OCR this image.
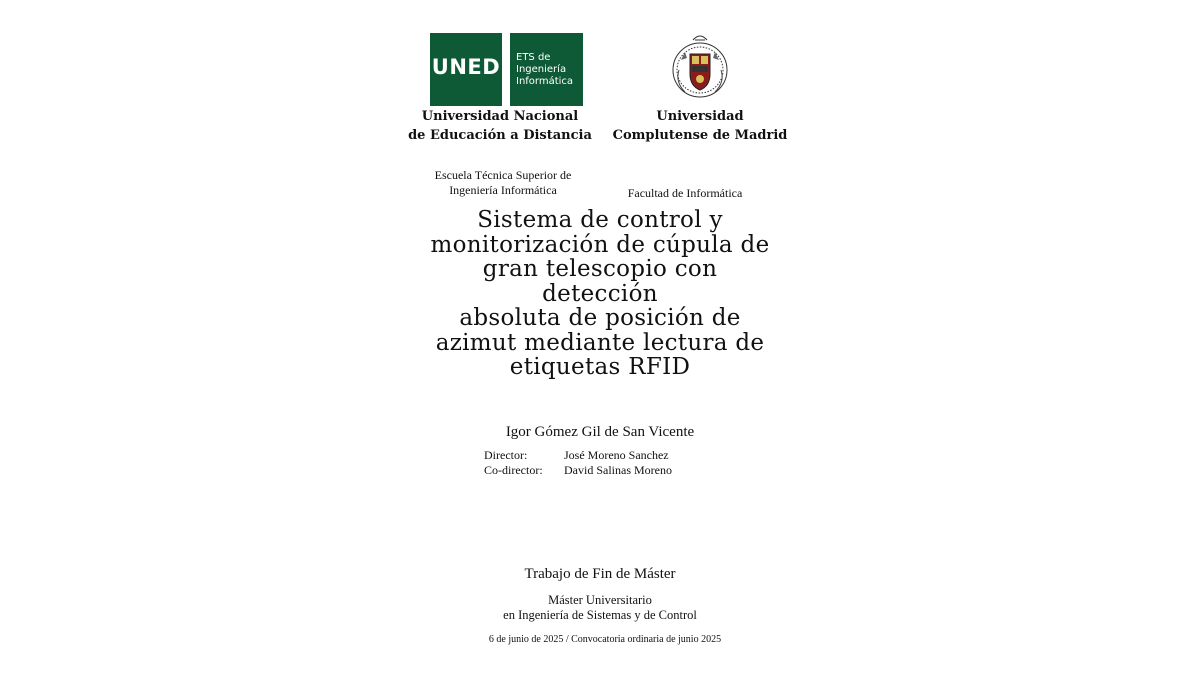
UNED ETS de
Ingeniería
Informática
Universidad Nacional
de Educación a Distancia
Universidad
Complutense de Madrid
Escuela Técnica Superior de
Ingeniería Informática	Facultad de Informática
Sistema de control y
monitorización de cúpula de
gran telescopio con
detección
absoluta de posición de
azimut mediante lectura de
etiquetas RFID
Igor Gómez Gil de San Vicente
Director:	José Moreno Sanchez
Co-director:	David Salinas Moreno
Trabajo de Fin de Máster
Máster Universitario
en Ingeniería de Sistemas y de Control
6 de junio de 2025 / Convocatoria ordinaria de junio 2025
